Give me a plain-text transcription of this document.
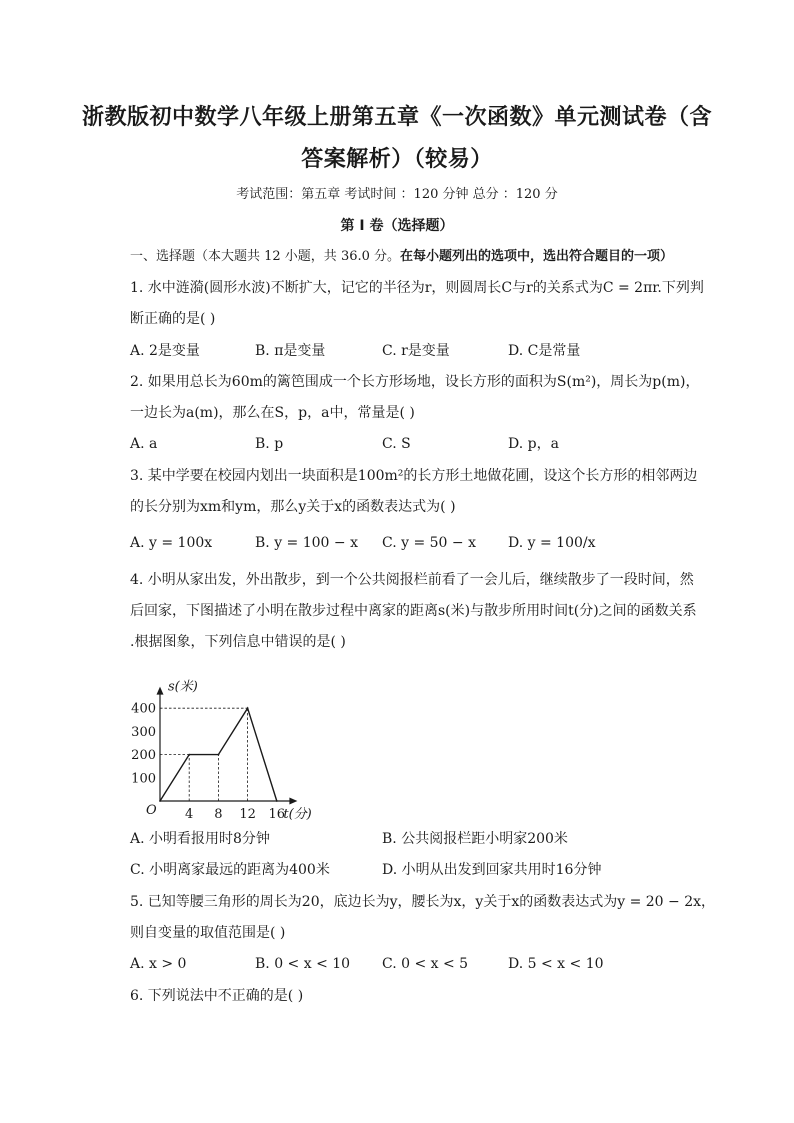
浙教版初中数学八年级上册第五章《一次函数》单元测试卷（含
答案解析）（较易）
考试范围：第五章 考试时间 ：120 分钟 总分 ：120 分
第 I 卷（选择题）
一、选择题（本大题共 12 小题，共 36.0 分。在每小题列出的选项中，选出符合题目的一项）
1. 水中涟漪(圆形水波)不断扩大，记它的半径为r，则圆周长C与r的关系式为C = 2πr.下列判
断正确的是( )
A. 2是变量	B. π是变量	C. r是变量	D. C是常量
2. 如果用总长为60m的篱笆围成一个长方形场地，设长方形的面积为S(m²)，周长为p(m)，
一边长为a(m)，那么在S，p，a中，常量是( )
A. a	B. p	C. S	D. p，a
3. 某中学要在校园内划出一块面积是100m²的长方形土地做花圃，设这个长方形的相邻两边
的长分别为xm和ym，那么y关于x的函数表达式为( )
A. y = 100x	B. y = 100 − x C. y = 50 − x D. y = 100/x
4. 小明从家出发，外出散步，到一个公共阅报栏前看了一会儿后，继续散步了一段时间，然
后回家，下图描述了小明在散步过程中离家的距离s(米)与散步所用时间t(分)之间的函数关系
.根据图象，下列信息中错误的是( )
4 8 12 16
100
200
300
400
O	t(分)
s(米)
A. 小明看报用时8分钟	B. 公共阅报栏距小明家200米
C. 小明离家最远的距离为400米	D. 小明从出发到回家共用时16分钟
5. 已知等腰三角形的周长为20，底边长为y，腰长为x，y关于x的函数表达式为y = 20 − 2x，
则自变量的取值范围是( )
A. x > 0	B. 0 < x < 10 C. 0 < x < 5	D. 5 < x < 10
6. 下列说法中不正确的是( )
